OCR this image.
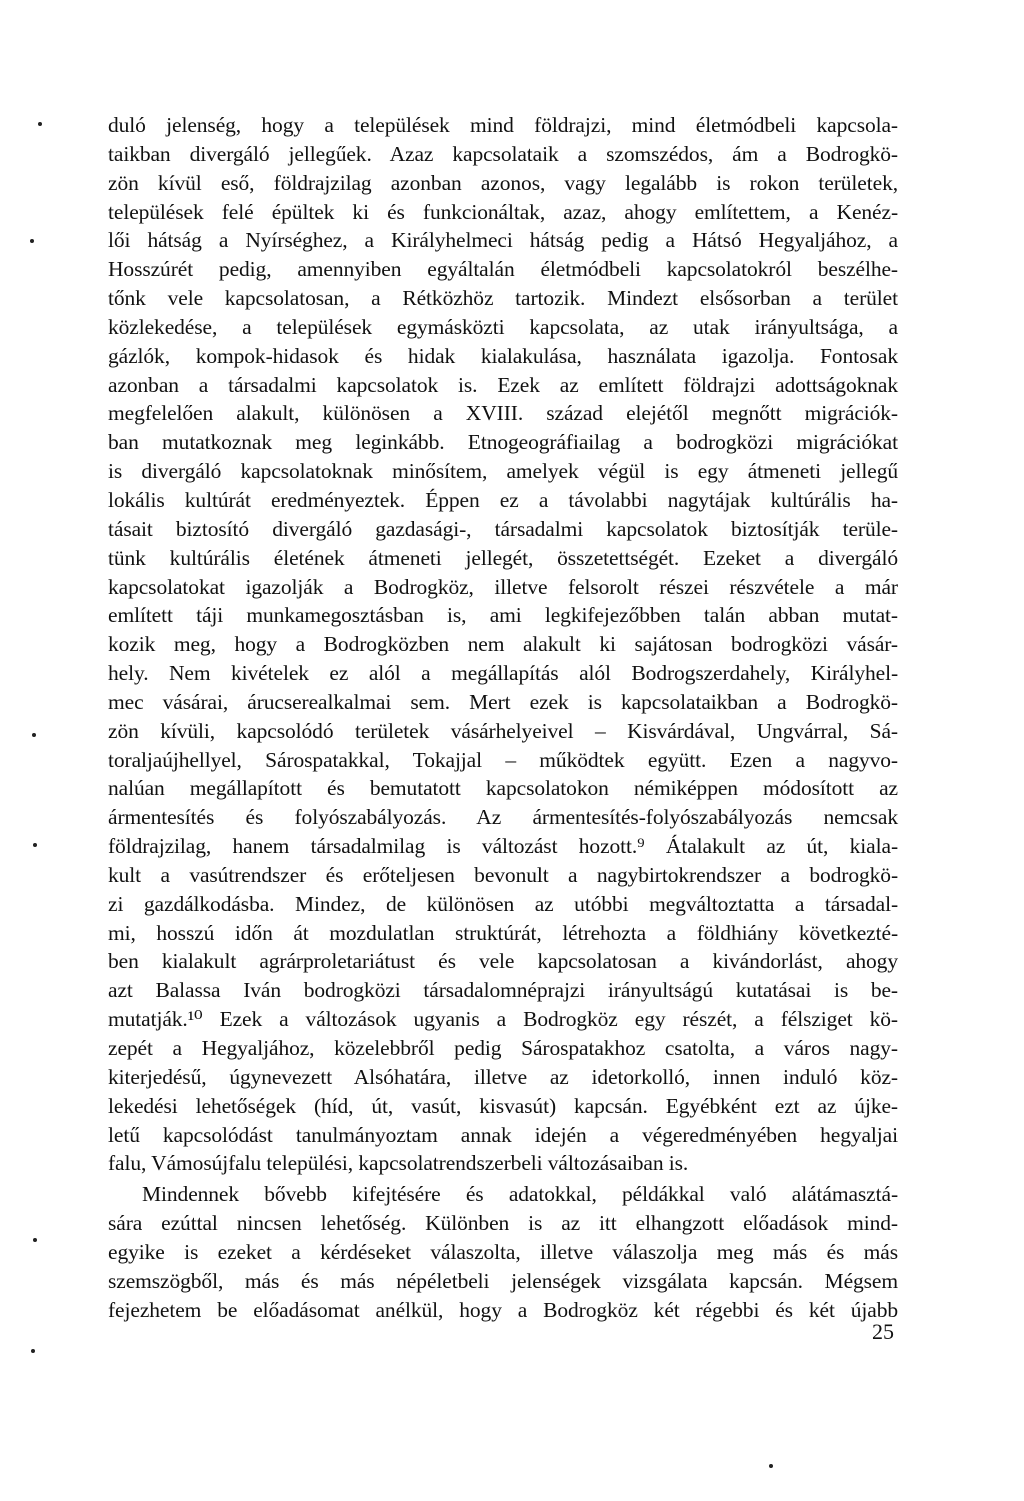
duló jelenség, hogy a települések mind földrajzi, mind életmódbeli kapcsola-
taikban divergáló jellegűek. Azaz kapcsolataik a szomszédos, ám a Bodrogkö-
zön kívül eső, földrajzilag azonban azonos, vagy legalább is rokon területek,
települések felé épültek ki és funkcionáltak, azaz, ahogy említettem, a Kenéz-
lői hátság a Nyírséghez, a Királyhelmeci hátság pedig a Hátsó Hegyaljához, a
Hosszúrét pedig, amennyiben egyáltalán életmódbeli kapcsolatokról beszélhe-
tőnk vele kapcsolatosan, a Rétközhöz tartozik. Mindezt elsősorban a terület
közlekedése, a települések egymásközti kapcsolata, az utak irányultsága, a
gázlók, kompok-hidasok és hidak kialakulása, használata igazolja. Fontosak
azonban a társadalmi kapcsolatok is. Ezek az említett földrajzi adottságoknak
megfelelően alakult, különösen a XVIII. század elejétől megnőtt migrációk-
ban mutatkoznak meg leginkább. Etnogeográfiailag a bodrogközi migrációkat
is divergáló kapcsolatoknak minősítem, amelyek végül is egy átmeneti jellegű
lokális kultúrát eredményeztek. Éppen ez a távolabbi nagytájak kultúrális ha-
tásait biztosító divergáló gazdasági-, társadalmi kapcsolatok biztosítják terüle-
tünk kultúrális életének átmeneti jellegét, összetettségét. Ezeket a divergáló
kapcsolatokat igazolják a Bodrogköz, illetve felsorolt részei részvétele a már
említett táji munkamegosztásban is, ami legkifejezőbben talán abban mutat-
kozik meg, hogy a Bodrogközben nem alakult ki sajátosan bodrogközi vásár-
hely. Nem kivételek ez alól a megállapítás alól Bodrogszerdahely, Királyhel-
mec vásárai, árucserealkalmai sem. Mert ezek is kapcsolataikban a Bodrogkö-
zön kívüli, kapcsolódó területek vásárhelyeivel – Kisvárdával, Ungvárral, Sá-
toraljaújhellyel, Sárospatakkal, Tokajjal – működtek együtt. Ezen a nagyvo-
nalúan megállapított és bemutatott kapcsolatokon némiképpen módosított az
ármentesítés és folyószabályozás. Az ármentesítés-folyószabályozás nemcsak
földrajzilag, hanem társadalmilag is változást hozott.⁹ Átalakult az út, kiala-
kult a vasútrendszer és erőteljesen bevonult a nagybirtokrendszer a bodrogkö-
zi gazdálkodásba. Mindez, de különösen az utóbbi megváltoztatta a társadal-
mi, hosszú időn át mozdulatlan struktúrát, létrehozta a földhiány következté-
ben kialakult agrárproletariátust és vele kapcsolatosan a kivándorlást, ahogy
azt Balassa Iván bodrogközi társadalomnéprajzi irányultságú kutatásai is be-
mutatják.¹⁰ Ezek a változások ugyanis a Bodrogköz egy részét, a félsziget kö-
zepét a Hegyaljához, közelebbről pedig Sárospatakhoz csatolta, a város nagy-
kiterjedésű, úgynevezett Alsóhatára, illetve az idetorkolló, innen induló köz-
lekedési lehetőségek (híd, út, vasút, kisvasút) kapcsán. Egyébként ezt az újke-
letű kapcsolódást tanulmányoztam annak idején a végeredményében hegyaljai
falu, Vámosújfalu települési, kapcsolatrendszerbeli változásaiban is.
Mindennek bővebb kifejtésére és adatokkal, példákkal való alátámasztá-
sára ezúttal nincsen lehetőség. Különben is az itt elhangzott előadások mind-
egyike is ezeket a kérdéseket válaszolta, illetve válaszolja meg más és más
szemszögből, más és más népéletbeli jelenségek vizsgálata kapcsán. Mégsem
fejezhetem be előadásomat anélkül, hogy a Bodrogköz két régebbi és két újabb
25
